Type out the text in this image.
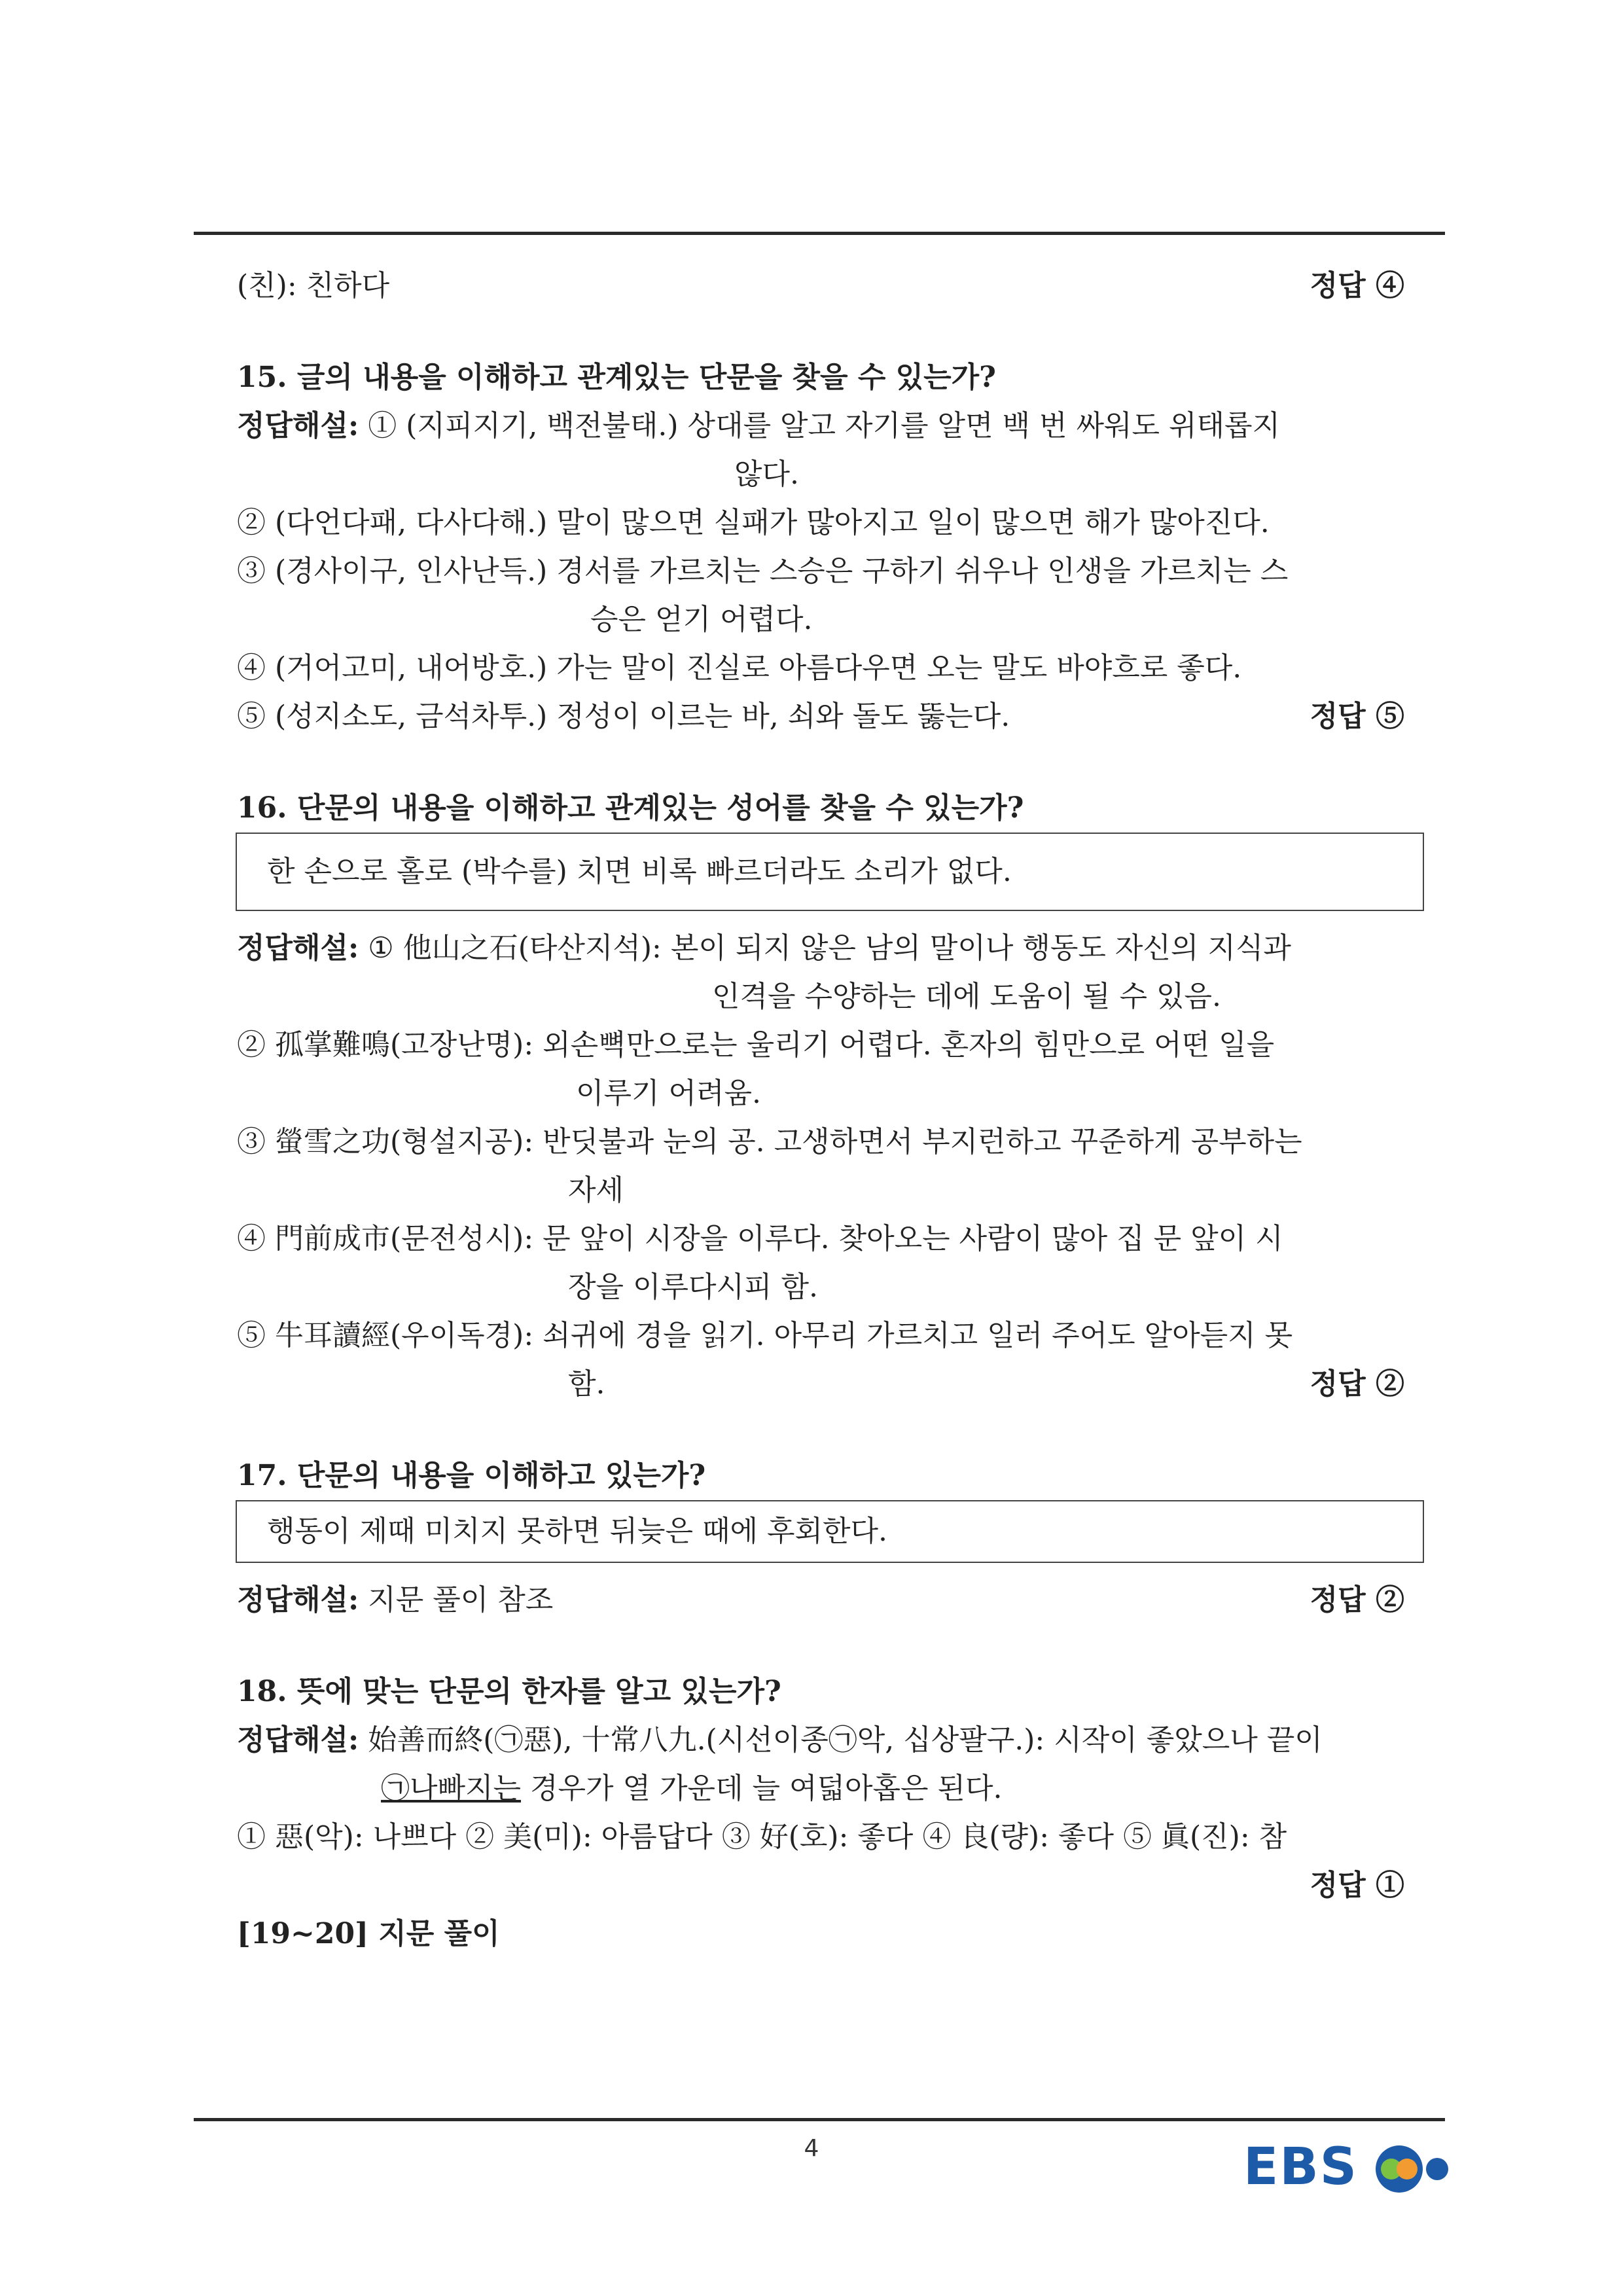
(친): 친하다	정답 ④
15. 글의 내용을 이해하고 관계있는 단문을 찾을 수 있는가?
정답해설: ① (지피지기, 백전불태.) 상대를 알고 자기를 알면 백 번 싸워도 위태롭지
않다.
② (다언다패, 다사다해.) 말이 많으면 실패가 많아지고 일이 많으면 해가 많아진다.
③ (경사이구, 인사난득.) 경서를 가르치는 스승은 구하기 쉬우나 인생을 가르치는 스
승은 얻기 어렵다.
④ (거어고미, 내어방호.) 가는 말이 진실로 아름다우면 오는 말도 바야흐로 좋다.
⑤ (성지소도, 금석차투.) 정성이 이르는 바, 쇠와 돌도 뚫는다.	정답 ⑤
16. 단문의 내용을 이해하고 관계있는 성어를 찾을 수 있는가?
한 손으로 홀로 (박수를) 치면 비록 빠르더라도 소리가 없다.
정답해설: ① 他山之石(타산지석): 본이 되지 않은 남의 말이나 행동도 자신의 지식과
인격을 수양하는 데에 도움이 될 수 있음.
② 孤掌難鳴(고장난명): 외손뼉만으로는 울리기 어렵다. 혼자의 힘만으로 어떤 일을
이루기 어려움.
③ 螢雪之功(형설지공): 반딧불과 눈의 공. 고생하면서 부지런하고 꾸준하게 공부하는
자세
④ 門前成市(문전성시): 문 앞이 시장을 이루다. 찾아오는 사람이 많아 집 문 앞이 시
장을 이루다시피 함.
⑤ 牛耳讀經(우이독경): 쇠귀에 경을 읽기. 아무리 가르치고 일러 주어도 알아듣지 못
함.	정답 ②
17. 단문의 내용을 이해하고 있는가?
행동이 제때 미치지 못하면 뒤늦은 때에 후회한다.
정답해설: 지문 풀이 참조	정답 ②
18. 뜻에 맞는 단문의 한자를 알고 있는가?
정답해설: 始善而終(㉠惡), 十常八九.(시선이종㉠악, 십상팔구.): 시작이 좋았으나 끝이
㉠나빠지는 경우가 열 가운데 늘 여덟아홉은 된다.
① 惡(악): 나쁘다 ② 美(미): 아름답다 ③ 好(호): 좋다 ④ 良(량): 좋다 ⑤ 眞(진): 참
정답 ①
[19~20] 지문 풀이
4	EBS
